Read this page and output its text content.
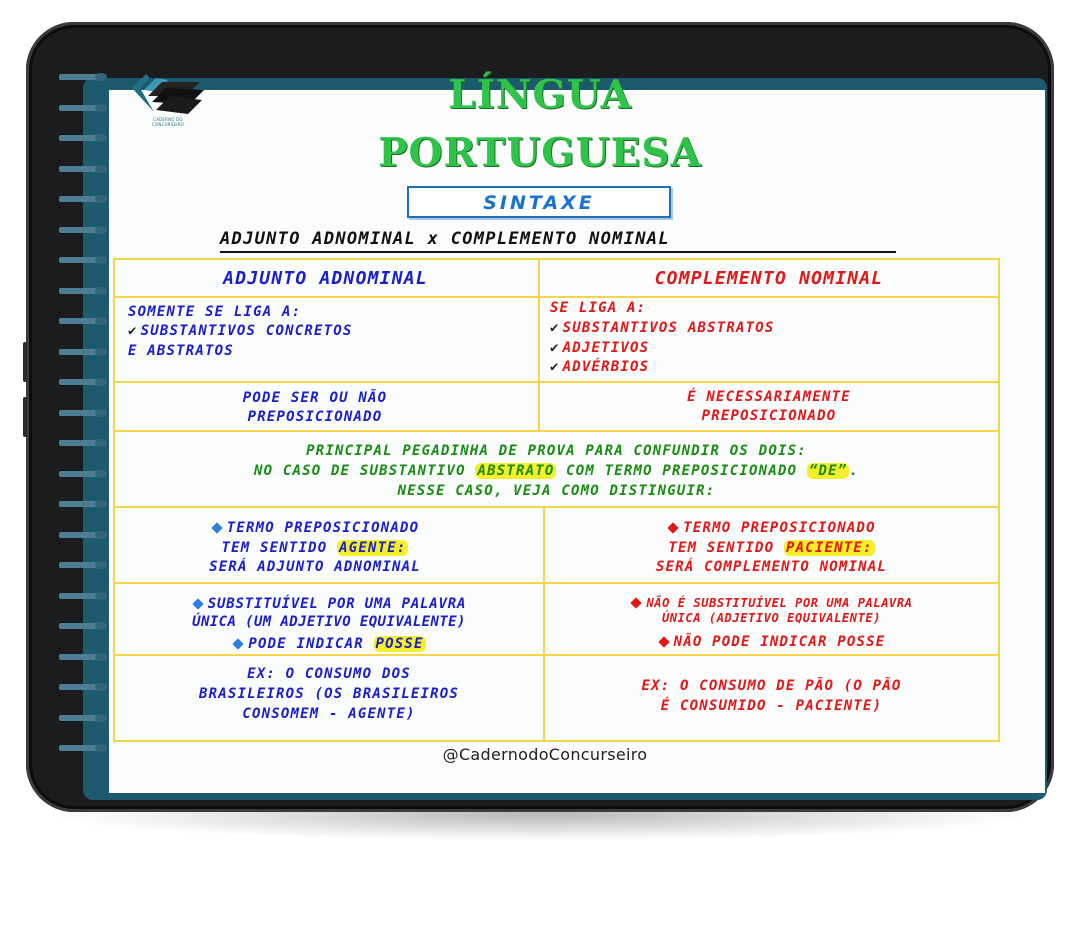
CADERNO DO CONCURSEIRO
LÍNGUA
PORTUGUESA
SINTAXE
ADJUNTO ADNOMINAL x COMPLEMENTO NOMINAL
ADJUNTO ADNOMINAL	COMPLEMENTO NOMINAL
SOMENTE SE LIGA A:
✔ SUBSTANTIVOS CONCRETOS
E ABSTRATOS
SE LIGA A:
✔ SUBSTANTIVOS ABSTRATOS
✔ ADJETIVOS
✔ ADVÉRBIOS
PODE SER OU NÃO
PREPOSICIONADO
É NECESSARIAMENTE
PREPOSICIONADO
PRINCIPAL PEGADINHA DE PROVA PARA CONFUNDIR OS DOIS:
NO CASO DE SUBSTANTIVO ABSTRATO COM TERMO PREPOSICIONADO “DE” .
NESSE CASO, VEJA COMO DISTINGUIR:
TERMO PREPOSICIONADO
TEM SENTIDO AGENTE:
SERÁ ADJUNTO ADNOMINAL
TERMO PREPOSICIONADO
TEM SENTIDO PACIENTE:
SERÁ COMPLEMENTO NOMINAL
SUBSTITUÍVEL POR UMA PALAVRA
ÚNICA (UM ADJETIVO EQUIVALENTE)
PODE INDICAR POSSE
NÃO É SUBSTITUÍVEL POR UMA PALAVRA
ÚNICA (ADJETIVO EQUIVALENTE)
NÃO PODE INDICAR POSSE
EX: O CONSUMO DOS
BRASILEIROS (OS BRASILEIROS
CONSOMEM - AGENTE)
EX: O CONSUMO DE PÃO (O PÃO
É CONSUMIDO - PACIENTE)
@CadernodoConcurseiro
